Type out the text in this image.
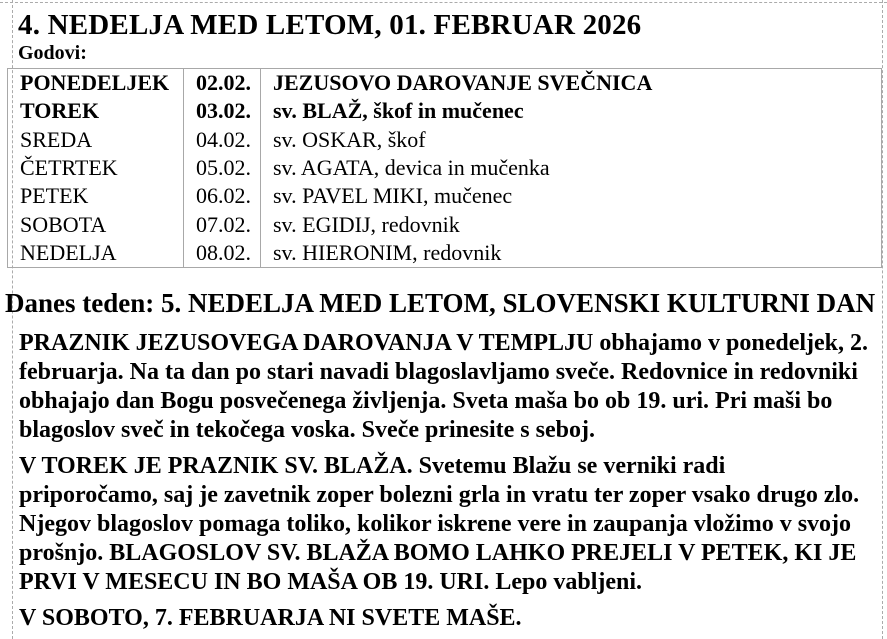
4. NEDELJA MED LETOM, 01. FEBRUAR 2026
Godovi:
PONEDELJEK	02.02.	JEZUSOVO DAROVANJE SVEČNICA
TOREK	03.02.	sv. BLAŽ, škof in mučenec
SREDA	04.02.	sv. OSKAR, škof
ČETRTEK	05.02.	sv. AGATA, devica in mučenka
PETEK	06.02.	sv. PAVEL MIKI, mučenec
SOBOTA	07.02.	sv. EGIDIJ, redovnik
NEDELJA	08.02.	sv. HIERONIM, redovnik
Danes teden: 5. NEDELJA MED LETOM, SLOVENSKI KULTURNI DAN

PRAZNIK JEZUSOVEGA DAROVANJA V TEMPLJU obhajamo v ponedeljek, 2. februarja. Na ta dan po stari navadi blagoslavljamo sveče. Redovnice in redovniki obhajajo dan Bogu posvečenega življenja. Sveta maša bo ob 19. uri. Pri maši bo blagoslov sveč in tekočega voska. Sveče prinesite s seboj.

V TOREK JE PRAZNIK SV. BLAŽA. Svetemu Blažu se verniki radi priporočamo, saj je zavetnik zoper bolezni grla in vratu ter zoper vsako drugo zlo. Njegov blagoslov pomaga toliko, kolikor iskrene vere in zaupanja vložimo v svojo prošnjo. BLAGOSLOV SV. BLAŽA BOMO LAHKO PREJELI V PETEK, KI JE PRVI V MESECU IN BO MAŠA OB 19. URI. Lepo vabljeni.

V SOBOTO, 7. FEBRUARJA NI SVETE MAŠE.
